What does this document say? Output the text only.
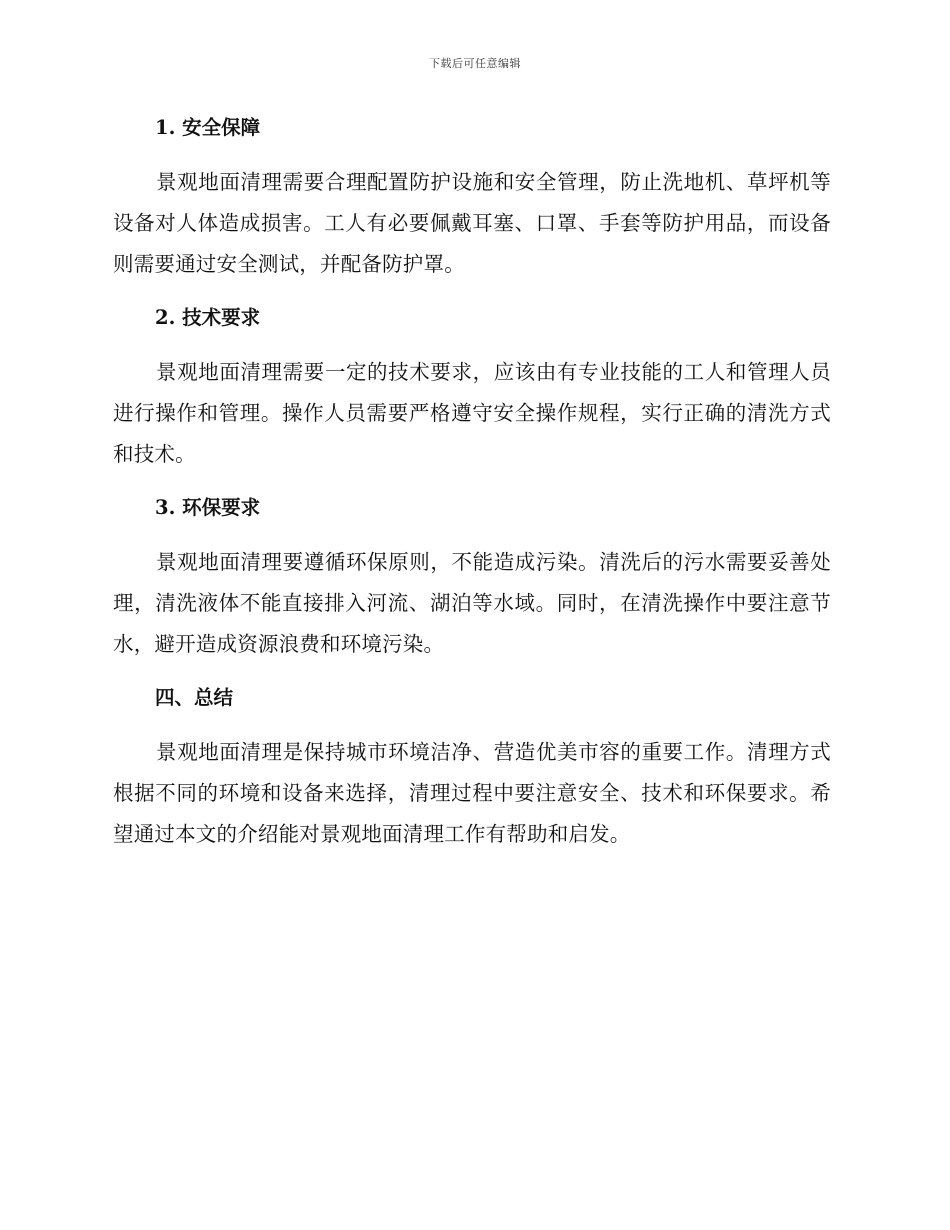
下载后可任意编辑
1. 安全保障

景观地面清理需要合理配置防护设施和安全管理，防止洗地机、草坪机等设备对人体造成损害。工人有必要佩戴耳塞、口罩、手套等防护用品，而设备则需要通过安全测试，并配备防护罩。

2. 技术要求

景观地面清理需要一定的技术要求，应该由有专业技能的工人和管理人员进行操作和管理。操作人员需要严格遵守安全操作规程，实行正确的清洗方式和技术。

3. 环保要求

景观地面清理要遵循环保原则，不能造成污染。清洗后的污水需要妥善处理，清洗液体不能直接排入河流、湖泊等水域。同时，在清洗操作中要注意节水，避开造成资源浪费和环境污染。

四、总结

景观地面清理是保持城市环境洁净、营造优美市容的重要工作。清理方式根据不同的环境和设备来选择，清理过程中要注意安全、技术和环保要求。希望通过本文的介绍能对景观地面清理工作有帮助和启发。
